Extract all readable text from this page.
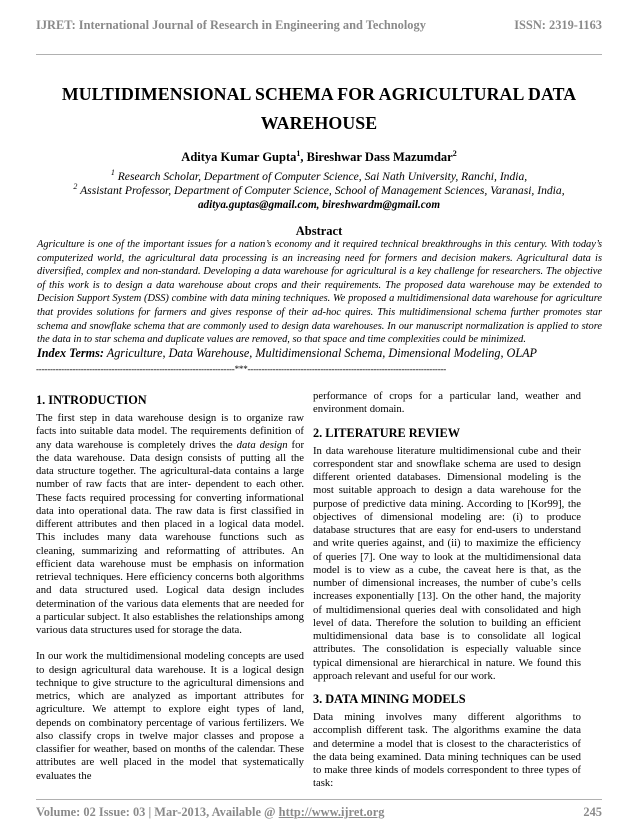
IJRET: International Journal of Research in Engineering and Technology	ISSN: 2319-1163
MULTIDIMENSIONAL SCHEMA FOR AGRICULTURAL DATA
WAREHOUSE
Aditya Kumar Gupta$^1$, Bireshwar Dass Mazumdar$^2$
$^1$ Research Scholar, Department of Computer Science, Sai Nath University, Ranchi, India,
$^2$ Assistant Professor, Department of Computer Science, School of Management Sciences, Varanasi, India,
aditya.guptas@gmail.com, bireshwardm@gmail.com
Abstract
Agriculture is one of the important issues for a nation’s economy and it required technical breakthroughs in this century. With today’s computerized world, the agricultural data processing is an increasing need for formers and decision makers. Agricultural data is diversified, complex and non-standard. Developing a data warehouse for agricultural is a key challenge for researchers. The objective of this work is to design a data warehouse about crops and their requirements. The proposed data warehouse may be extended to Decision Support System (DSS) combine with data mining techniques. We proposed a multidimensional data warehouse for agriculture that provides solutions for farmers and gives response of their ad-hoc quires. This multidimensional schema further promotes star schema and snowflake schema that are commonly used to design data warehouses. In our manuscript normalization is applied to store the data in to star schema and duplicate values are removed, so that space and time complexities could be minimized.
Index Terms: Agriculture, Data Warehouse, Multidimensional Schema, Dimensional Modeling, OLAP
-----------------------------------------------------------------------***-----------------------------------------------------------------------
1. INTRODUCTION

The first step in data warehouse design is to organize raw facts into suitable data model. The requirements definition of any data warehouse is completely drives the data design for the data warehouse. Data design consists of putting all the data structure together. The agricultural-data contains a large number of raw facts that are inter- dependent to each other. These facts required processing for converting informational data into operational data. The raw data is first classified in different attributes and then placed in a logical data model. This includes many data warehouse functions such as cleaning, summarizing and reformatting of attributes. An efficient data warehouse must be emphasis on information retrieval techniques. Here efficiency concerns both algorithms and data structured used. Logical data design includes determination of the various data elements that are needed for a particular subject. It also establishes the relationships among various data structures used for storage the data.

In our work the multidimensional modeling concepts are used to design agricultural data warehouse. It is a logical design technique to give structure to the agricultural dimensions and metrics, which are analyzed as important attributes for agriculture. We attempt to explore eight types of land, depends on combinatory percentage of various fertilizers. We also classify crops in twelve major classes and propose a classifier for weather, based on months of the calendar. These attributes are well placed in the model that systematically evaluates the

performance of crops for a particular land, weather and environment domain.

2. LITERATURE REVIEW

In data warehouse literature multidimensional cube and their correspondent star and snowflake schema are used to design different oriented databases. Dimensional modeling is the most suitable approach to design a data warehouse for the purpose of predictive data mining. According to [Kor99], the objectives of dimensional modeling are: (i) to produce database structures that are easy for end-users to understand and write queries against, and (ii) to maximize the efficiency of queries [7]. One way to look at the multidimensional data model is to view as a cube, the caveat here is that, as the number of dimensional increases, the number of cube’s cells increases exponentially [13]. On the other hand, the majority of multidimensional queries deal with consolidated and high level of data. Therefore the solution to building an efficient multidimensional data base is to consolidate all logical attributes. The consolidation is especially valuable since typical dimensional are hierarchical in nature. We found this approach relevant and useful for our work.

3. DATA MINING MODELS

Data mining involves many different algorithms to accomplish different task. The algorithms examine the data and determine a model that is closest to the characteristics of the data being examined. Data mining techniques can be used to make three kinds of models correspondent to three types of task:

Volume: 02 Issue: 03 | Mar-2013, Available @ http://www.ijret.org	245
